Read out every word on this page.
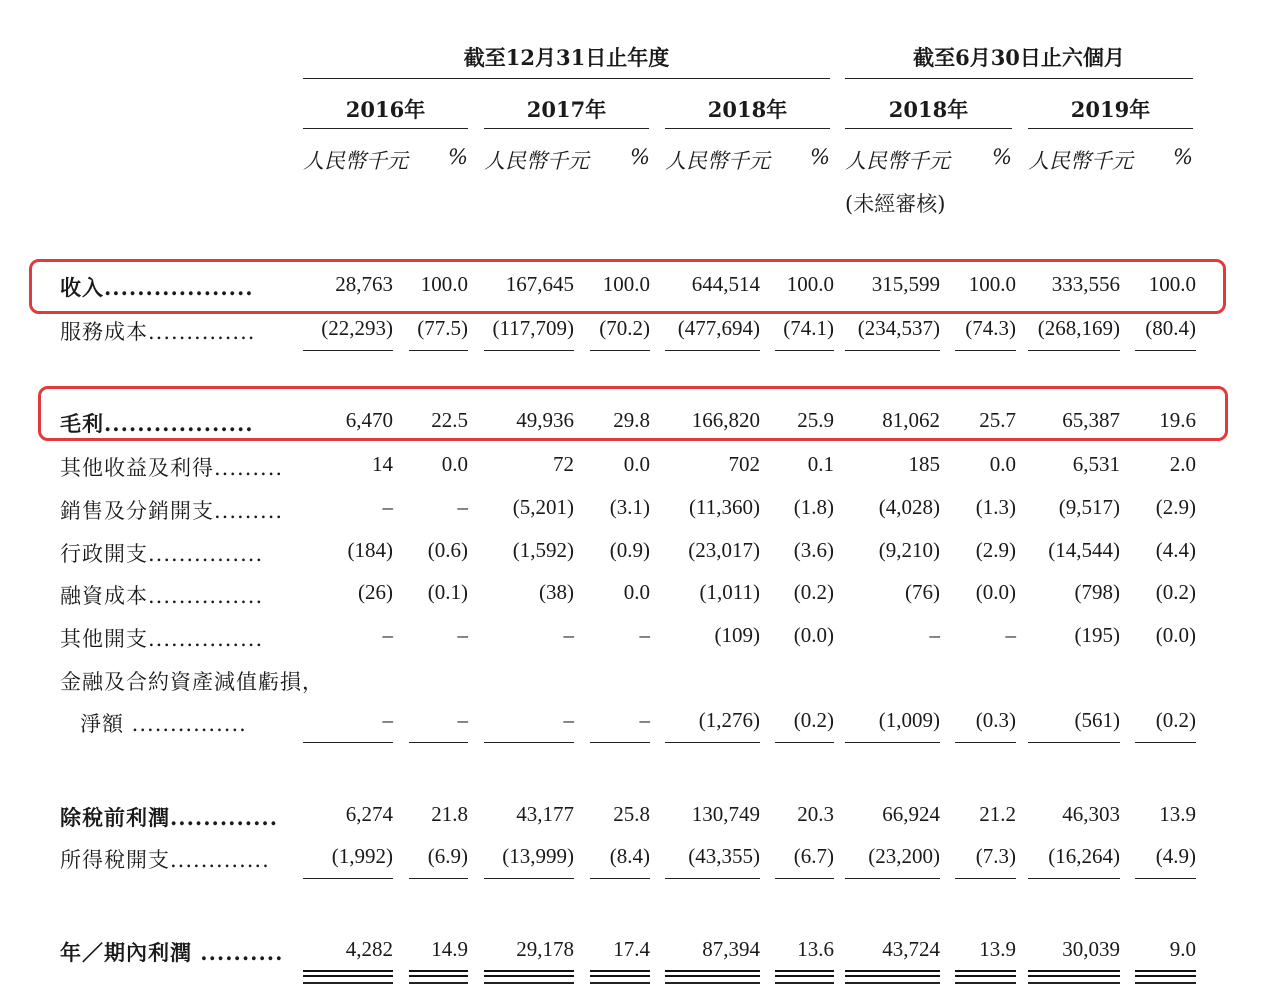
截至12月31日止年度	截至6月30日止六個月
2016年	2017年	2018年	2018年	2019年
人民幣千元	% 人民幣千元	% 人民幣千元	% 人民幣千元	% 人民幣千元	%
(未經審核)
收入..................	28,763	100.0	167,645	100.0	644,514	100.0	315,599	100.0	333,556	100.0
服務成本..............	(22,293)	(77.5)	(117,709)	(70.2)	(477,694)	(74.1)	(234,537)	(74.3)	(268,169)	(80.4)
毛利..................	6,470	22.5	49,936	29.8	166,820	25.9	81,062	25.7	65,387	19.6
其他收益及利得.........	14	0.0	72	0.0	702	0.1	185	0.0	6,531	2.0
銷售及分銷開支.........	–	–	(5,201)	(3.1)	(11,360)	(1.8)	(4,028)	(1.3)	(9,517)	(2.9)
行政開支...............	(184)	(0.6)	(1,592)	(0.9)	(23,017)	(3.6)	(9,210)	(2.9)	(14,544)	(4.4)
融資成本...............	(26)	(0.1)	(38)	0.0	(1,011)	(0.2)	(76)	(0.0)	(798)	(0.2)
其他開支...............	–	–	–	–	(109)	(0.0)	–	–	(195)	(0.0)
金融及合約資產減值虧損，
淨額 ...............	–	–	–	–	(1,276)	(0.2)	(1,009)	(0.3)	(561)	(0.2)
除稅前利潤.............	6,274	21.8	43,177	25.8	130,749	20.3	66,924	21.2	46,303	13.9
所得稅開支.............	(1,992)	(6.9)	(13,999)	(8.4)	(43,355)	(6.7)	(23,200)	(7.3)	(16,264)	(4.9)
年／期內利潤 ..........	4,282	14.9	29,178	17.4	87,394	13.6	43,724	13.9	30,039	9.0
